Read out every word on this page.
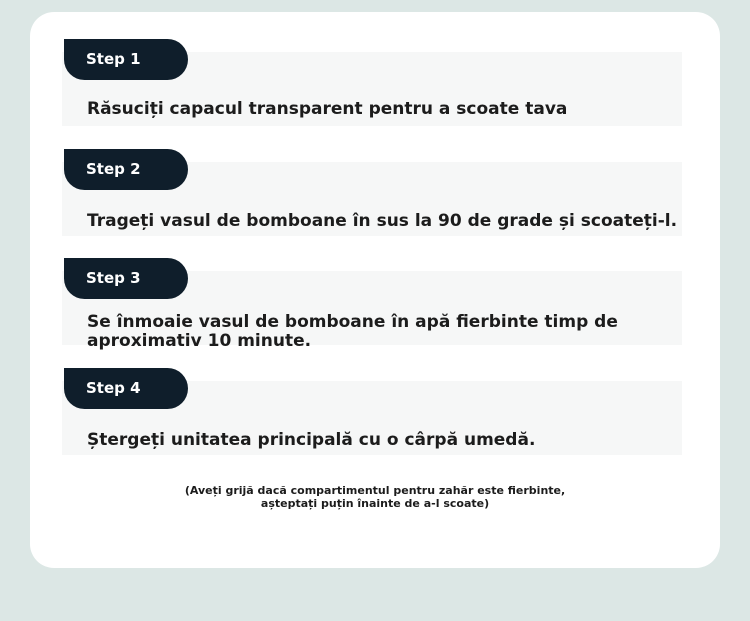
Step 1
Răsuciți capacul transparent pentru a scoate tava
Step 2
Trageți vasul de bomboane în sus la 90 de grade și scoateți-l.
Step 3
Se înmoaie vasul de bomboane în apă fierbinte timp de aproximativ 10 minute.
Step 4
Ștergeți unitatea principală cu o cârpă umedă.
(Aveți grijă dacă compartimentul pentru zahăr este fierbinte,
așteptați puțin înainte de a-l scoate)
